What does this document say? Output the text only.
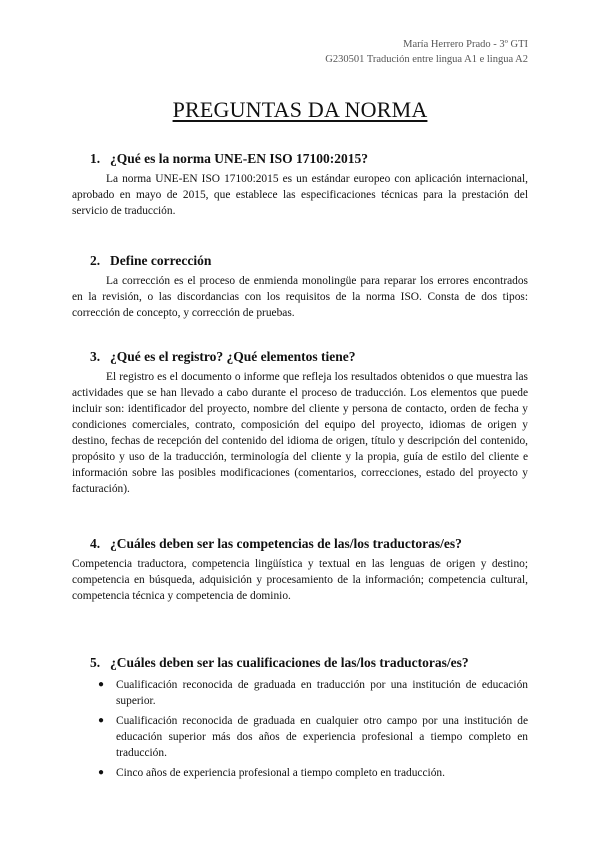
María Herrero Prado - 3º GTI
G230501 Tradución entre lingua A1 e lingua A2
PREGUNTAS DA NORMA
1. ¿Qué es la norma UNE-EN ISO 17100:2015?

La norma UNE-EN ISO 17100:2015 es un estándar europeo con aplicación internacional, aprobado en mayo de 2015, que establece las especificaciones técnicas para la prestación del servicio de traducción.

2. Define corrección

La corrección es el proceso de enmienda monolingüe para reparar los errores encontrados en la revisión, o las discordancias con los requisitos de la norma ISO. Consta de dos tipos: corrección de concepto, y corrección de pruebas.

3. ¿Qué es el registro? ¿Qué elementos tiene?

El registro es el documento o informe que refleja los resultados obtenidos o que muestra las actividades que se han llevado a cabo durante el proceso de traducción. Los elementos que puede incluir son: identificador del proyecto, nombre del cliente y persona de contacto, orden de fecha y condiciones comerciales, contrato, composición del equipo del proyecto, idiomas de origen y destino, fechas de recepción del contenido del idioma de origen, título y descripción del contenido, propósito y uso de la traducción, terminología del cliente y la propia, guía de estilo del cliente e información sobre las posibles modificaciones (comentarios, correcciones, estado del proyecto y facturación).

4. ¿Cuáles deben ser las competencias de las/los traductoras/es?

Competencia traductora, competencia lingüística y textual en las lenguas de origen y destino; competencia en búsqueda, adquisición y procesamiento de la información; competencia cultural, competencia técnica y competencia de dominio.

5. ¿Cuáles deben ser las cualificaciones de las/los traductoras/es?
● Cualificación reconocida de graduada en traducción por una institución de educación superior.
● Cualificación reconocida de graduada en cualquier otro campo por una institución de educación superior más dos años de experiencia profesional a tiempo completo en traducción.
● Cinco años de experiencia profesional a tiempo completo en traducción.
